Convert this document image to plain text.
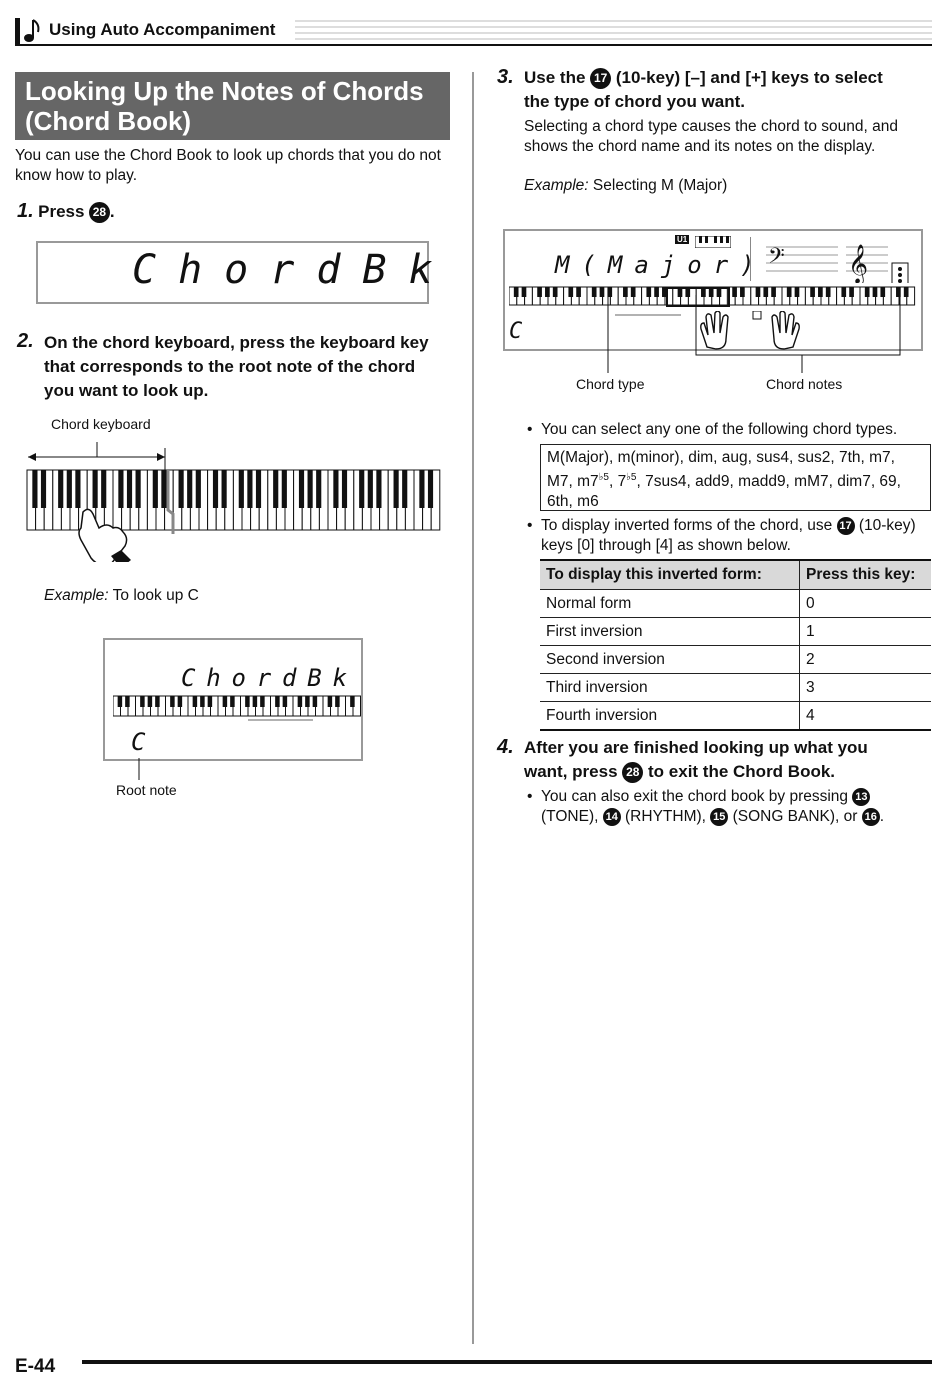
Using Auto Accompaniment
Looking Up the Notes of Chords
(Chord Book)
You can use the Chord Book to look up chords that you do not
know how to play.
1. Press 28 .
ChordBk
2. On the chord keyboard, press the keyboard key
that corresponds to the root note of the chord
you want to look up.
Chord keyboard
Example: To look up C
ChordBk
C
Root note
3. Use the 17 (10-key) [–] and [+] keys to select
the type of chord you want.
Selecting a chord type causes the chord to sound, and
shows the chord name and its notes on the display.
Example: Selecting M (Major)
M(Major)
U1
𝄢 𝄞
C
Chord type	Chord notes
• You can select any one of the following chord types.
M(Major), m(minor), dim, aug, sus4, sus2, 7th, m7,
M7, $m7^{♭5}$, $7^{♭5}$, 7sus4, add9, madd9, mM7, dim7, 69,
6th, m6
• To display inverted forms of the chord, use 17 (10-key)
keys [0] through [4] as shown below.
To display this inverted form:	Press this key:
Normal form	0
First inversion	1
Second inversion	2
Third inversion	3
Fourth inversion	4
4. After you are finished looking up what you
want, press 28 to exit the Chord Book.
• You can also exit the chord book by pressing 13
(TONE), 14 (RHYTHM), 15 (SONG BANK), or 16 .
E-44
